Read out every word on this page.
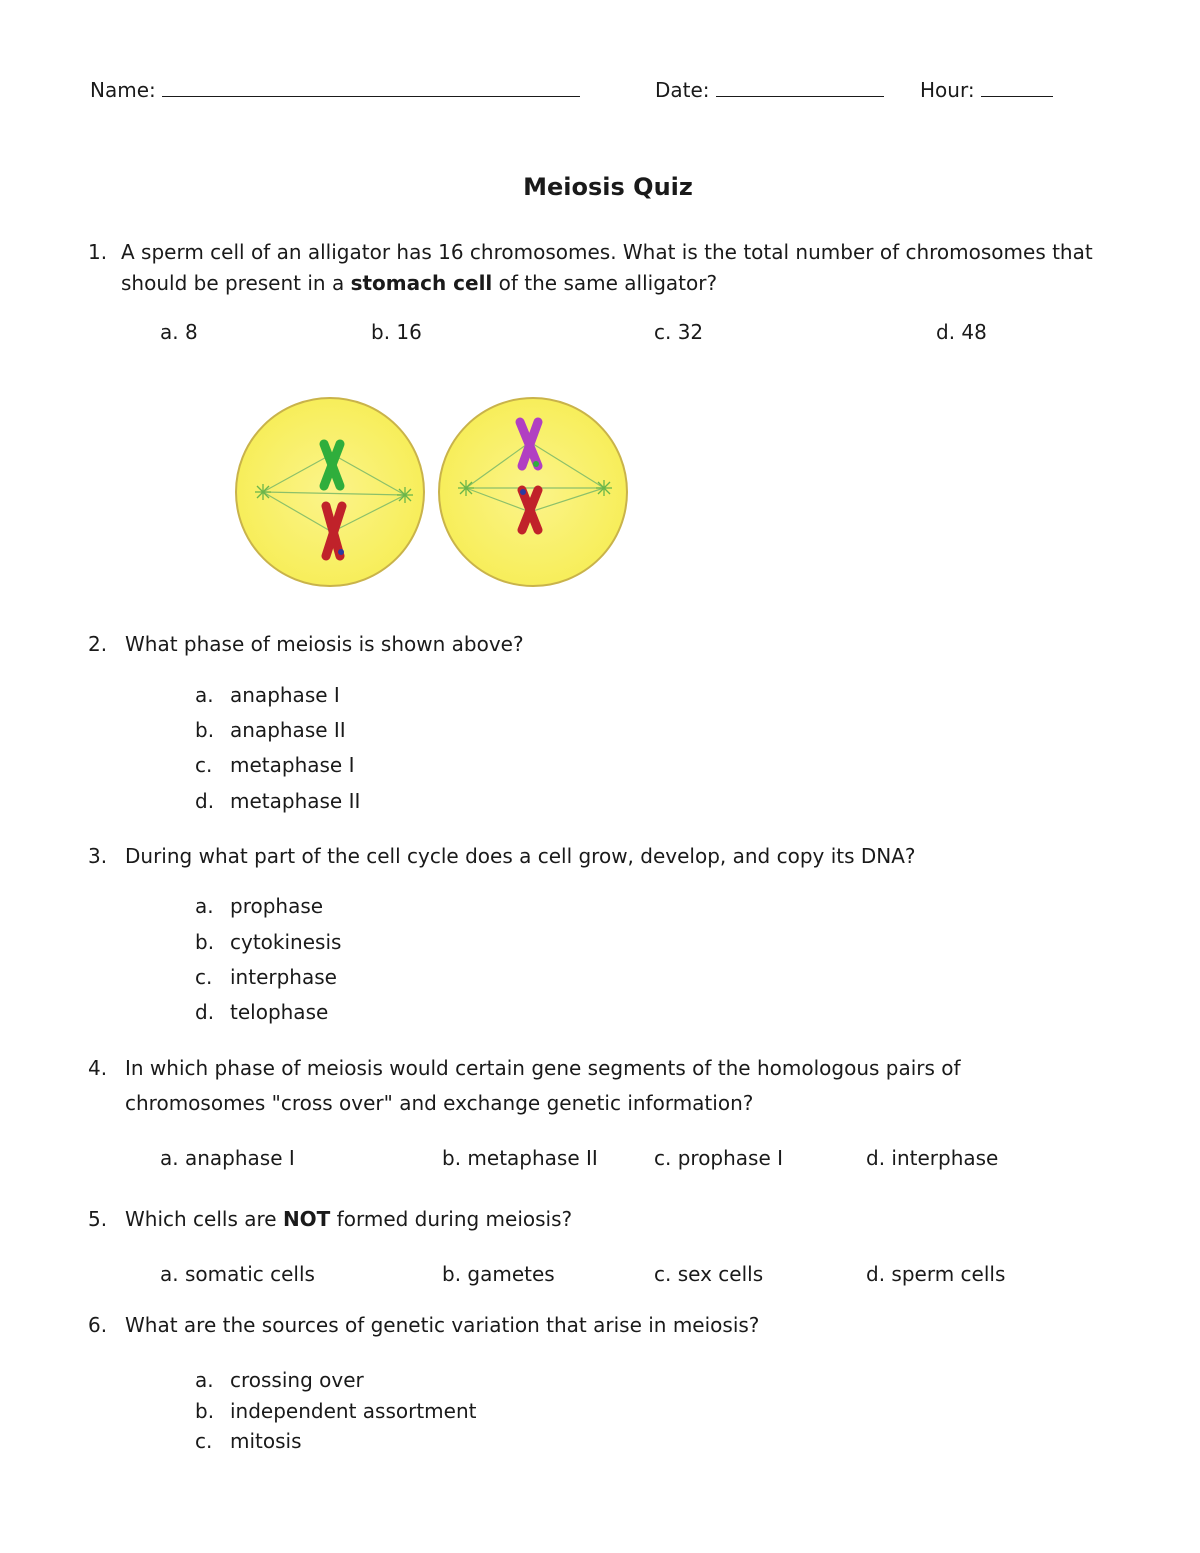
Name:	Date:	Hour:
Meiosis Quiz
1. A sperm cell of an alligator has 16 chromosomes. What is the total number of chromosomes that
should be present in a stomach cell of the same alligator?
a. 8	b. 16	c. 32	d. 48
2. What phase of meiosis is shown above?
a. anaphase I
b. anaphase II
c. metaphase I
d. metaphase II
3. During what part of the cell cycle does a cell grow, develop, and copy its DNA?
a. prophase
b. cytokinesis
c. interphase
d. telophase
4. In which phase of meiosis would certain gene segments of the homologous pairs of
chromosomes "cross over" and exchange genetic information?
a. anaphase I	b. metaphase II	c. prophase I	d. interphase
5. Which cells are NOT formed during meiosis?
a. somatic cells	b. gametes	c. sex cells	d. sperm cells
6. What are the sources of genetic variation that arise in meiosis?
a. crossing over
b. independent assortment
c. mitosis
